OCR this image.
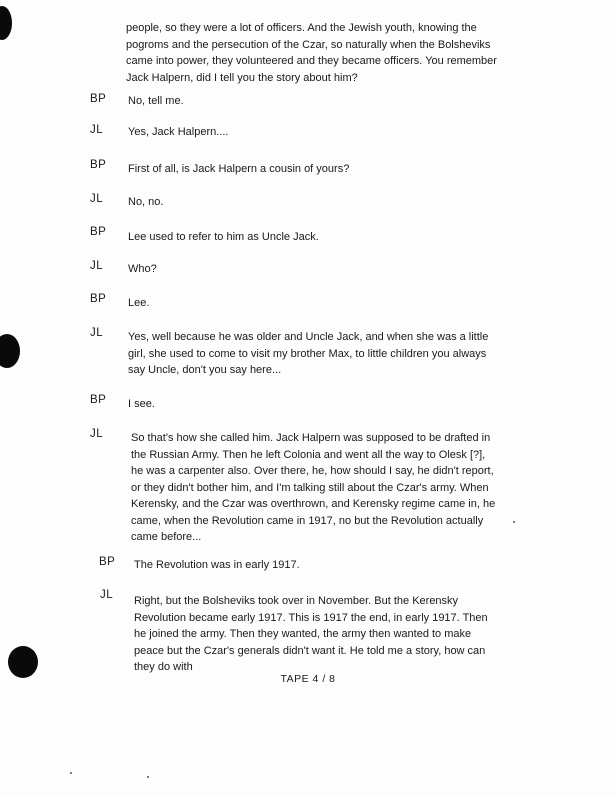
people, so they were a lot of officers. And the Jewish youth, knowing the pogroms and the persecution of the Czar, so naturally when the Bolsheviks came into power, they volunteered and they became officers. You remember Jack Halpern, did I tell you the story about him?
BP No, tell me.
JL Yes, Jack Halpern....
BP First of all, is Jack Halpern a cousin of yours?
JL No, no.
BP Lee used to refer to him as Uncle Jack.
JL Who?
BP Lee.
JL Yes, well because he was older and Uncle Jack, and when she was a little girl, she used to come to visit my brother Max, to little children you always say Uncle, don't you say here...
BP I see.
JL	So that's how she called him. Jack Halpern was supposed to be drafted in the Russian Army. Then he left Colonia and went all the way to Olesk [?], he was a carpenter also. Over there, he, how should I say, he didn't report, or they didn't bother him, and I'm talking still about the Czar's army. When Kerensky, and the Czar was overthrown, and Kerensky regime came in, he came, when the Revolution came in 1917, no but the Revolution actually came before...
BP The Revolution was in early 1917.
JL Right, but the Bolsheviks took over in November. But the Kerensky Revolution became early 1917. This is 1917 the end, in early 1917. Then he joined the army. Then they wanted, the army then wanted to make peace but the Czar's generals didn't want it. He told me a story, how can they do with
TAPE 4 / 8
